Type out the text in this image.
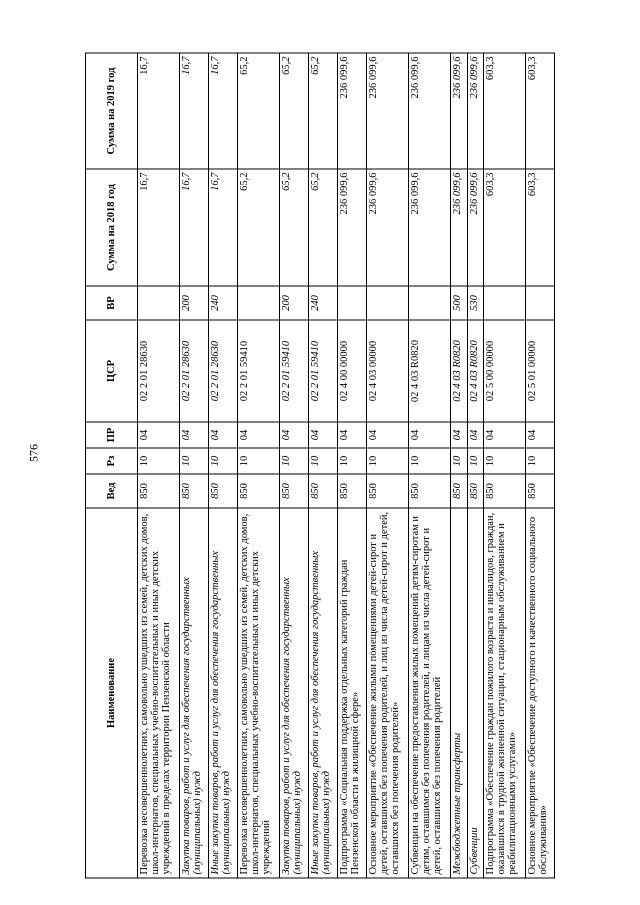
576
Наименование	Вед	Рз	ПР	ЦСР	ВР	Сумма на 2018 год	Сумма на 2019 год
Перевозка несовершеннолетних, самовольно ушедших из семей, детских домов, школ-интернатов, специальных учебно-воспитательных и иных детских учреждений в пределах территории Пензенской области	850	10	04	02 2 01 28630		16,7	16,7
Закупка товаров, работ и услуг для обеспечения государственных (муниципальных) нужд	850	10	04	02 2 01 28630	200	16,7	16,7
Иные закупки товаров, работ и услуг для обеспечения государственных (муниципальных) нужд	850	10	04	02 2 01 28630	240	16,7	16,7
Перевозка несовершеннолетних, самовольно ушедших из семей, детских домов, школ-интернатов, специальных учебно-воспитательных и иных детских учреждений	850	10	04	02 2 01 59410		65,2	65,2
Закупка товаров, работ и услуг для обеспечения государственных (муниципальных) нужд	850	10	04	02 2 01 59410	200	65,2	65,2
Иные закупки товаров, работ и услуг для обеспечения государственных (муниципальных) нужд	850	10	04	02 2 01 59410	240	65,2	65,2
Подпрограмма «Социальная поддержка отдельных категорий граждан Пензенской области в жилищной сфере»	850	10	04	02 4 00 00000		236 099,6	236 099,6
Основное мероприятие «Обеспечение жилыми помещениями детей-сирот и детей, оставшихся без попечения родителей, и лиц из числа детей-сирот и детей, оставшихся без попечения родителей»	850	10	04	02 4 03 00000		236 099,6	236 099,6
Субвенции на обеспечение предоставления жилых помещений детям-сиротам и детям, оставшимся без попечения родителей, и лицам из числа детей-сирот и детей, оставшихся без попечения родителей	850	10	04	02 4 03 R0820		236 099,6	236 099,6
Межбюджетные трансферты	850	10	04	02 4 03 R0820	500	236 099,6	236 099,6
Субвенции	850	10	04	02 4 03 R0820	530	236 099,6	236 099,6
Подпрограмма «Обеспечение граждан пожилого возраста и инвалидов, граждан, оказавшихся в трудной жизненной ситуации, стационарным обслуживанием и реабилитационными услугами»	850	10	04	02 5 00 00000		603,3	603,3
Основное мероприятие «Обеспечение доступного и качественного социального обслуживания»	850	10	04	02 5 01 00000		603,3	603,3
